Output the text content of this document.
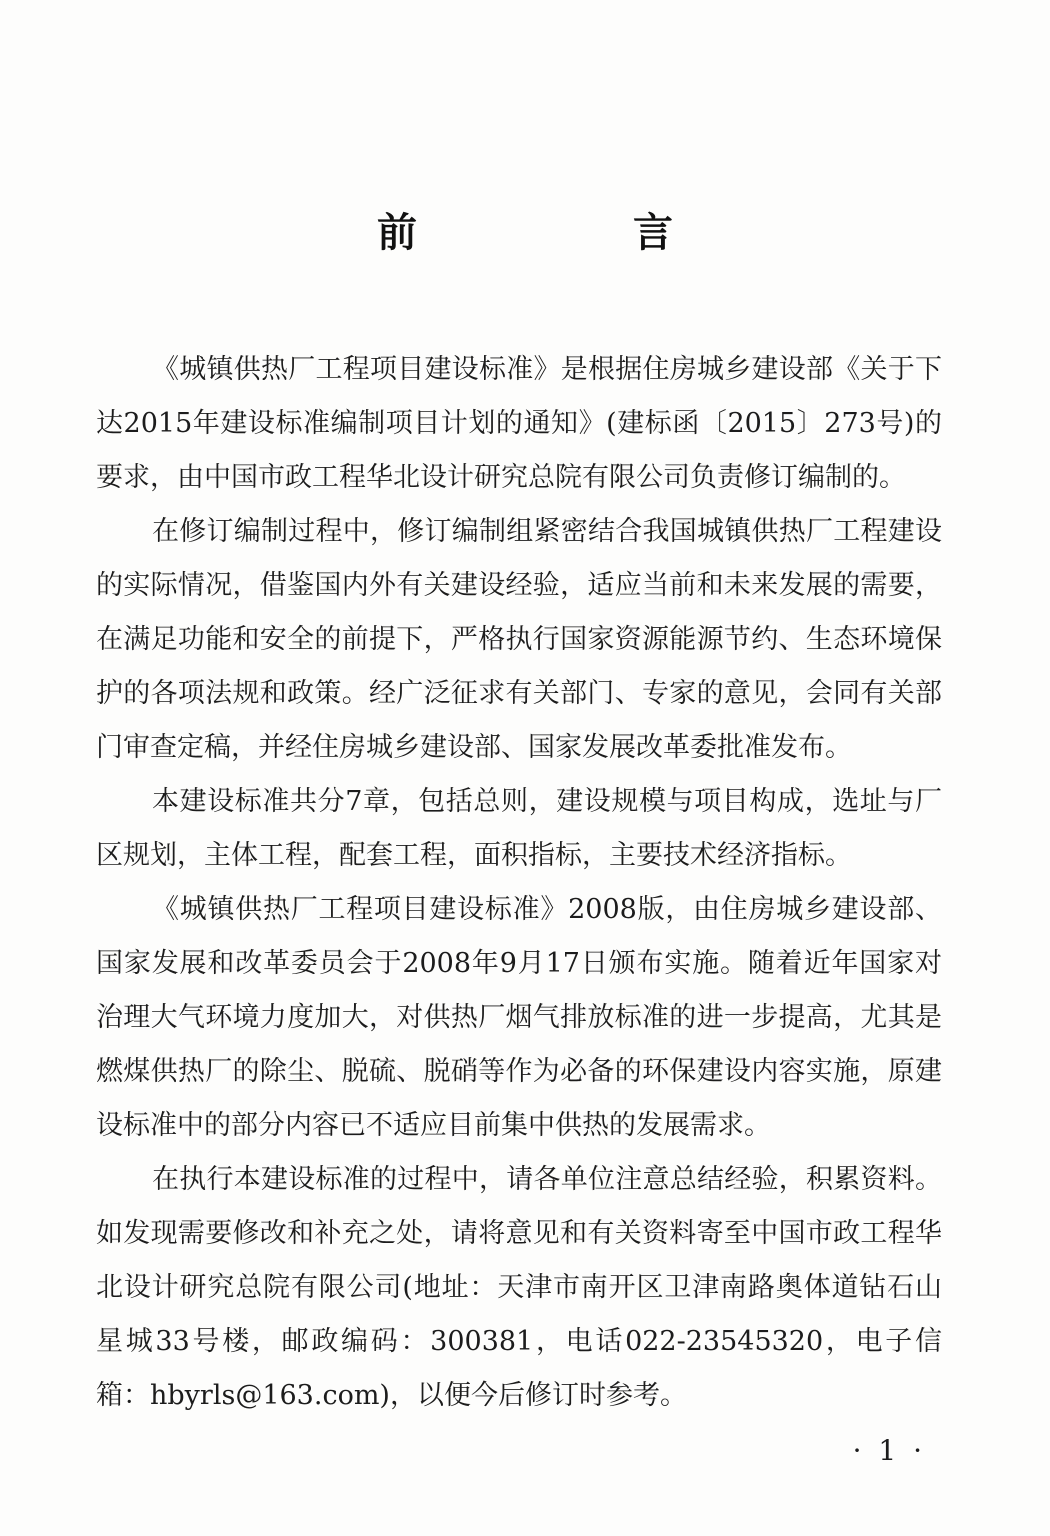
前　言

《城镇供热厂工程项目建设标准》是根据住房城乡建设部《关于下达2015年建设标准编制项目计划的通知》(建标函〔2015〕273号)的要求，由中国市政工程华北设计研究总院有限公司负责修订编制的。

在修订编制过程中，修订编制组紧密结合我国城镇供热厂工程建设的实际情况，借鉴国内外有关建设经验，适应当前和未来发展的需要，在满足功能和安全的前提下，严格执行国家资源能源节约、生态环境保护的各项法规和政策。经广泛征求有关部门、专家的意见，会同有关部门审查定稿，并经住房城乡建设部、国家发展改革委批准发布。

本建设标准共分7章，包括总则，建设规模与项目构成，选址与厂区规划，主体工程，配套工程，面积指标，主要技术经济指标。

《城镇供热厂工程项目建设标准》2008版，由住房城乡建设部、国家发展和改革委员会于2008年9月17日颁布实施。随着近年国家对治理大气环境力度加大，对供热厂烟气排放标准的进一步提高，尤其是燃煤供热厂的除尘、脱硫、脱硝等作为必备的环保建设内容实施，原建设标准中的部分内容已不适应目前集中供热的发展需求。

在执行本建设标准的过程中，请各单位注意总结经验，积累资料。如发现需要修改和补充之处，请将意见和有关资料寄至中国市政工程华北设计研究总院有限公司(地址：天津市南开区卫津南路奥体道钻石山星城33号楼，邮政编码：300381，电话022-23545320，电子信箱：hbyrls@163.com)，以便今后修订时参考。

· 1 ·
